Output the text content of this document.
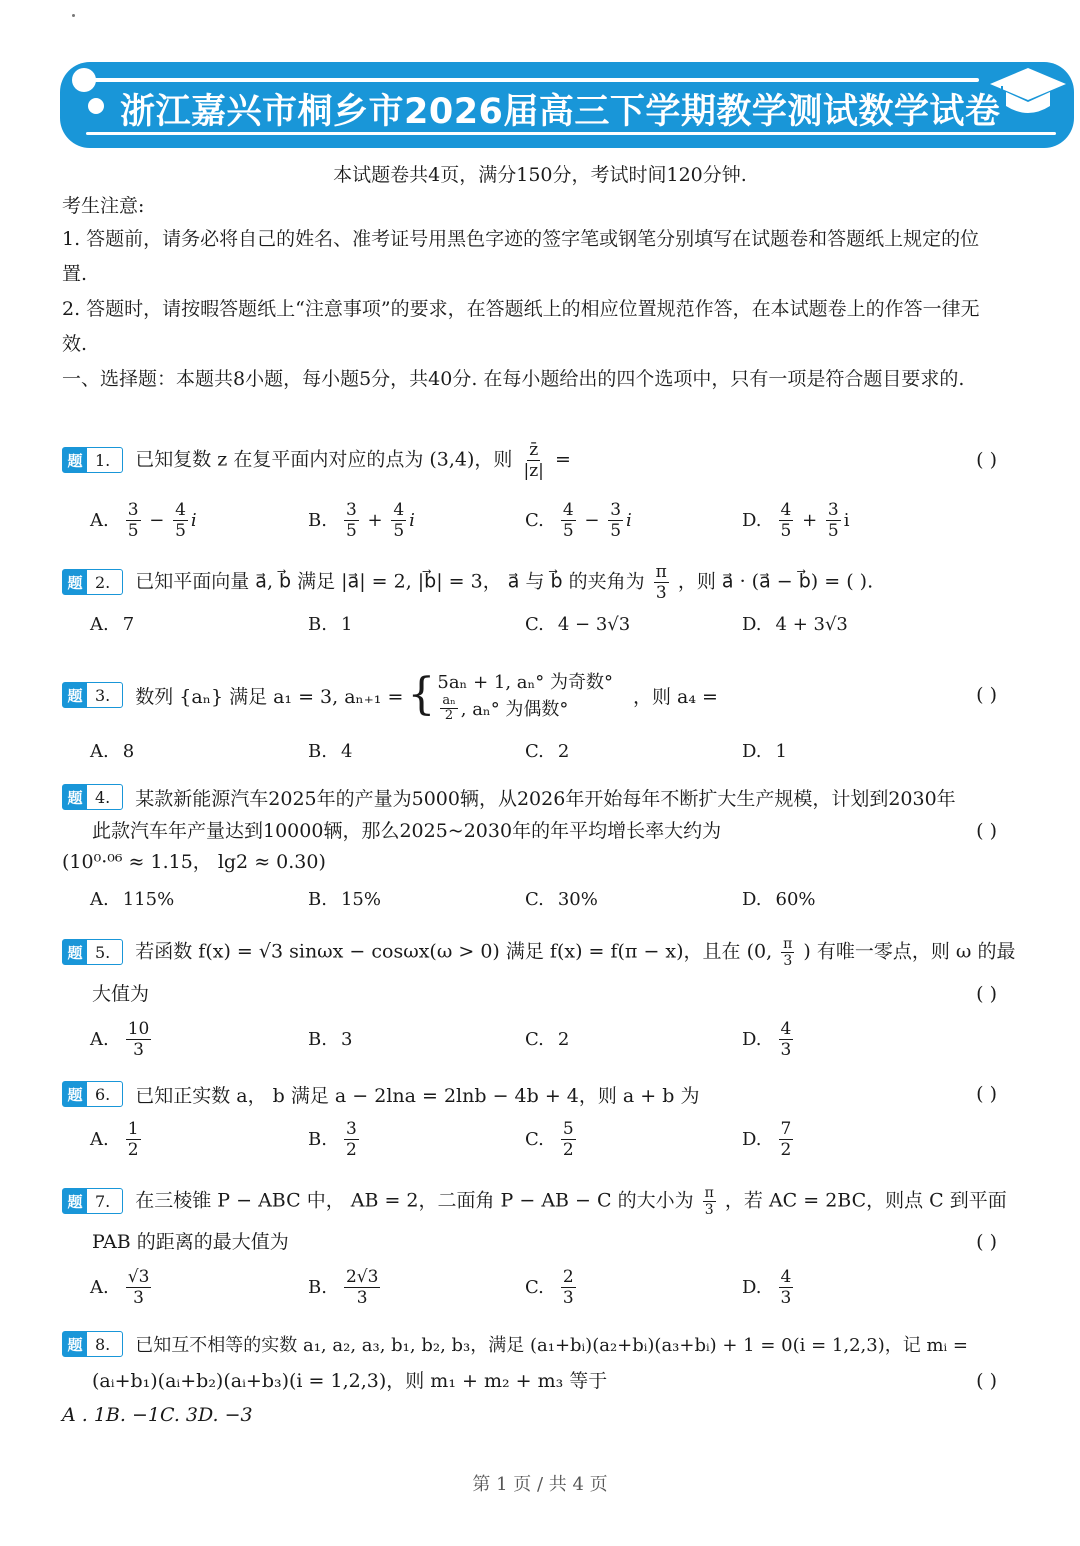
浙江嘉兴市桐乡市2026届高三下学期教学测试数学试卷
本试题卷共4页，满分150分，考试时间120分钟.
考生注意:
1. 答题前，请务必将自己的姓名、准考证号用黑色字迹的签字笔或钢笔分别填写在试题卷和答题纸上规定的位置.
2. 答题时，请按暇答题纸上“注意事项”的要求，在答题纸上的相应位置规范作答，在本试题卷上的作答一律无效.
一、选择题：本题共8小题，每小题5分，共40分. 在每小题给出的四个选项中，只有一项是符合题目要求的.
题 1.	已知复数 z 在复平面内对应的点为 (3,4)，则 $\frac{z̄}{|z|}$ =	( )
A. $\frac{3}{5} - \frac{4}{5}$ i	B. $\frac{3}{5} + \frac{4}{5}$ i	C. $\frac{4}{5} - \frac{3}{5}$ i	D. $\frac{4}{5} + \frac{3}{5}$ i
题 2.	已知平面向量 a⃗, b⃗ 满足 |a⃗| = 2, |b⃗| = 3， a⃗ 与 b⃗ 的夹角为 $\frac{\pi}{3}$ ，则 a⃗ · (a⃗ − b⃗) = ( ).
A. 7	B. 1	C. 4 − 3√3	D. 4 + 3√3
题 3.	数列 {aₙ} 满足 a₁ = 3, aₙ₊₁ = { 5aₙ + 1, aₙ° 为奇数°
$\frac{\text{aₙ}}{2}$ , aₙ° 为偶数°
，则 a₄ =	( )
A. 8	B. 4	C. 2	D. 1
题 4.	某款新能源汽车2025年的产量为5000辆，从2026年开始每年不断扩大生产规模，计划到2030年
此款汽车年产量达到10000辆，那么2025~2030年的年平均增长率大约为	( )
(10⁰·⁰⁶ ≈ 1.15， lg2 ≈ 0.30)
A. 115%	B. 15%	C. 30%	D. 60%
题 5.	若函数 f(x) = √3 sinωx − cosωx(ω > 0) 满足 f(x) = f(π − x)，且在 (0, $\frac{\pi}{3}$ ) 有唯一零点，则 ω 的最
大值为	( )
A. $\frac{10}{3}$	B. 3	C. 2	D. $\frac{4}{3}$
题 6.	已知正实数 a， b 满足 a − 2lna = 2lnb − 4b + 4，则 a + b 为	( )
A. $\frac{1}{2}$	B. $\frac{3}{2}$	C. $\frac{5}{2}$	D. $\frac{7}{2}$
题 7.	在三棱锥 P − ABC 中， AB = 2，二面角 P − AB − C 的大小为 $\frac{\pi}{3}$ ，若 AC = 2BC，则点 C 到平面
PAB 的距离的最大值为	( )
A. $\frac{√3}{3}$	B. $\frac{2√3}{3}$	C. $\frac{2}{3}$	D. $\frac{4}{3}$
题 8.	已知互不相等的实数 a₁, a₂, a₃, b₁, b₂, b₃，满足 (a₁+bᵢ)(a₂+bᵢ)(a₃+bᵢ) + 1 = 0(i = 1,2,3)，记 mᵢ =
(aᵢ+b₁)(aᵢ+b₂)(aᵢ+b₃)(i = 1,2,3)，则 m₁ + m₂ + m₃ 等于	( )
A . 1B. −1C. 3D. −3
第 1 页 / 共 4 页
